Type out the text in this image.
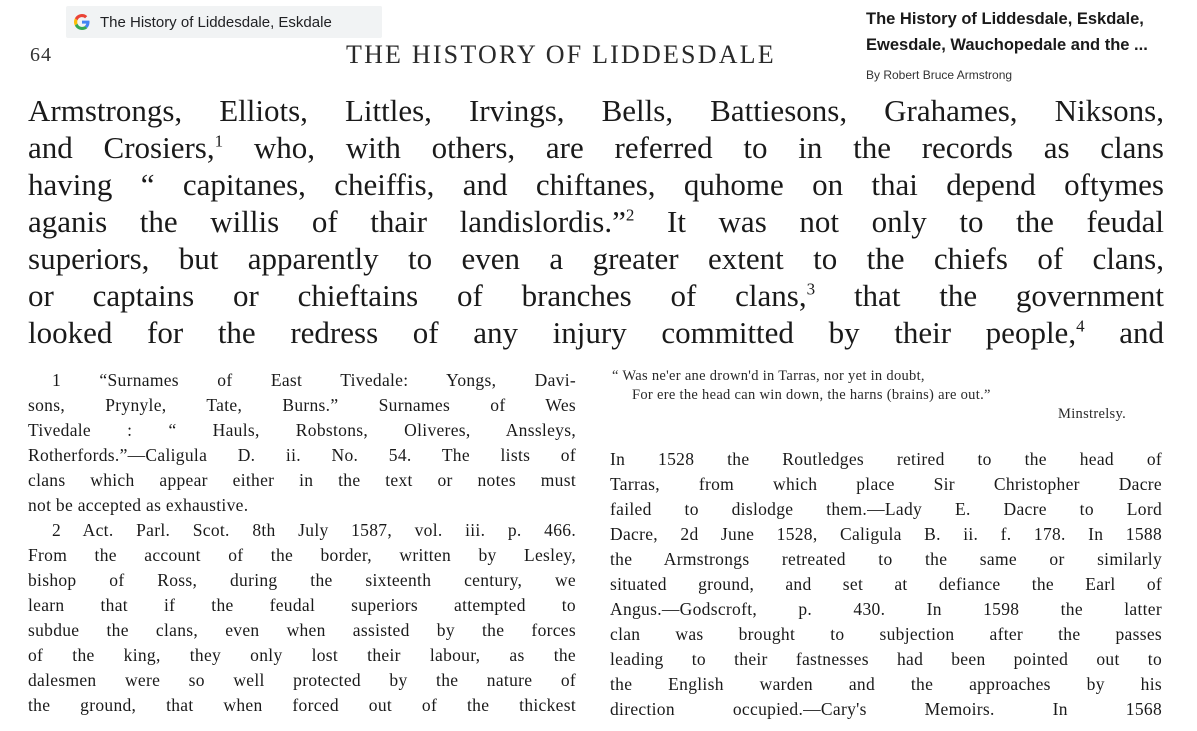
The History of Liddesdale, Eskdale	The History of Liddesdale, Eskdale,
Ewesdale, Wauchopedale and the ...
By Robert Bruce Armstrong
64	THE HISTORY OF LIDDESDALE
Armstrongs, Elliots, Littles, Irvings, Bells, Battiesons, Grahames, Niksons,
and Crosiers,$^1$ who, with others, are referred to in the records as clans
having “ capitanes, cheiffis, and chiftanes, quhome on thai depend oftymes
aganis the willis of thair landislordis.”$^2$ It was not only to the feudal
superiors, but apparently to even a greater extent to the chiefs of clans,
or captains or chieftains of branches of clans,$^3$ that the government
looked for the redress of any injury committed by their people,$^4$ and
1 “Surnames of East Tivedale: Yongs, Davi-
sons, Prynyle, Tate, Burns.” Surnames of Wes
Tivedale : “ Hauls, Robstons, Oliveres, Anssleys,
Rotherfords.”—Caligula D. ii. No. 54. The lists of
clans which appear either in the text or notes must
not be accepted as exhaustive.
2 Act. Parl. Scot. 8th July 1587, vol. iii. p. 466.
From the account of the border, written by Lesley,
bishop of Ross, during the sixteenth century, we
learn that if the feudal superiors attempted to
subdue the clans, even when assisted by the forces
of the king, they only lost their labour, as the
dalesmen were so well protected by the nature of
the ground, that when forced out of the thickest
“ Was ne'er ane drown'd in Tarras, nor yet in doubt,
For ere the head can win down, the harns (brains) are out.”
Minstrelsy.
In 1528 the Routledges retired to the head of
Tarras, from which place Sir Christopher Dacre
failed to dislodge them.—Lady E. Dacre to Lord
Dacre, 2d June 1528, Caligula B. ii. f. 178. In 1588
the Armstrongs retreated to the same or similarly
situated ground, and set at defiance the Earl of
Angus.—Godscroft, p. 430. In 1598 the latter
clan was brought to subjection after the passes
leading to their fastnesses had been pointed out to
the English warden and the approaches by his
direction occupied.—Cary's Memoirs. In 1568
